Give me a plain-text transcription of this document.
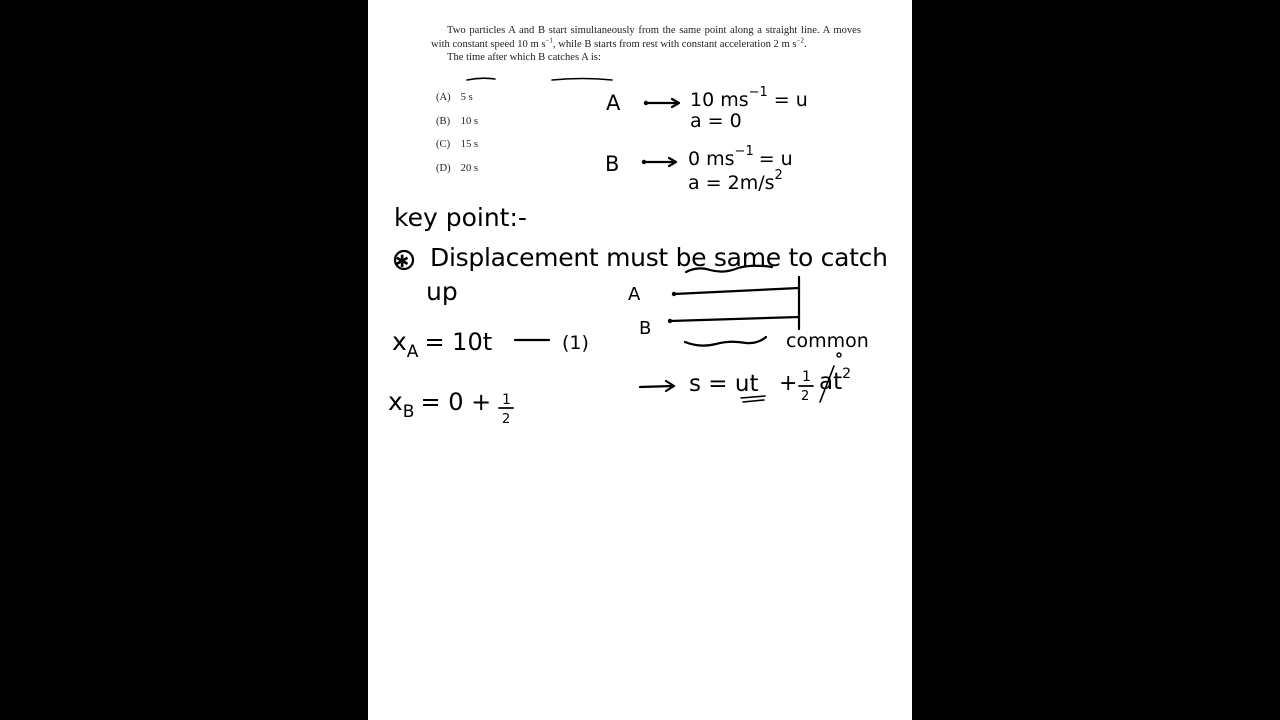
Two particles A and B start simultaneously from the same point along a straight line. A moves with constant speed 10 m $s^{-1}$, while B starts from rest with constant acceleration 2 m $s^{-2}$.

The time after which B catches A is:

(A) 5 s
(B) 10 s
(C) 15 s
(D) 20 s
A	10 $ms^{-1} = u$
a = 0
B	0 $ms^{-1} = u$
$a = 2m/s^2$
key point:-
✱ Displacement must be same to catch
up	A
B
common
$x_A = 10t$	(1)
$x_B = 0 + 1$
2
s = ut + 1
2
$at^2$
